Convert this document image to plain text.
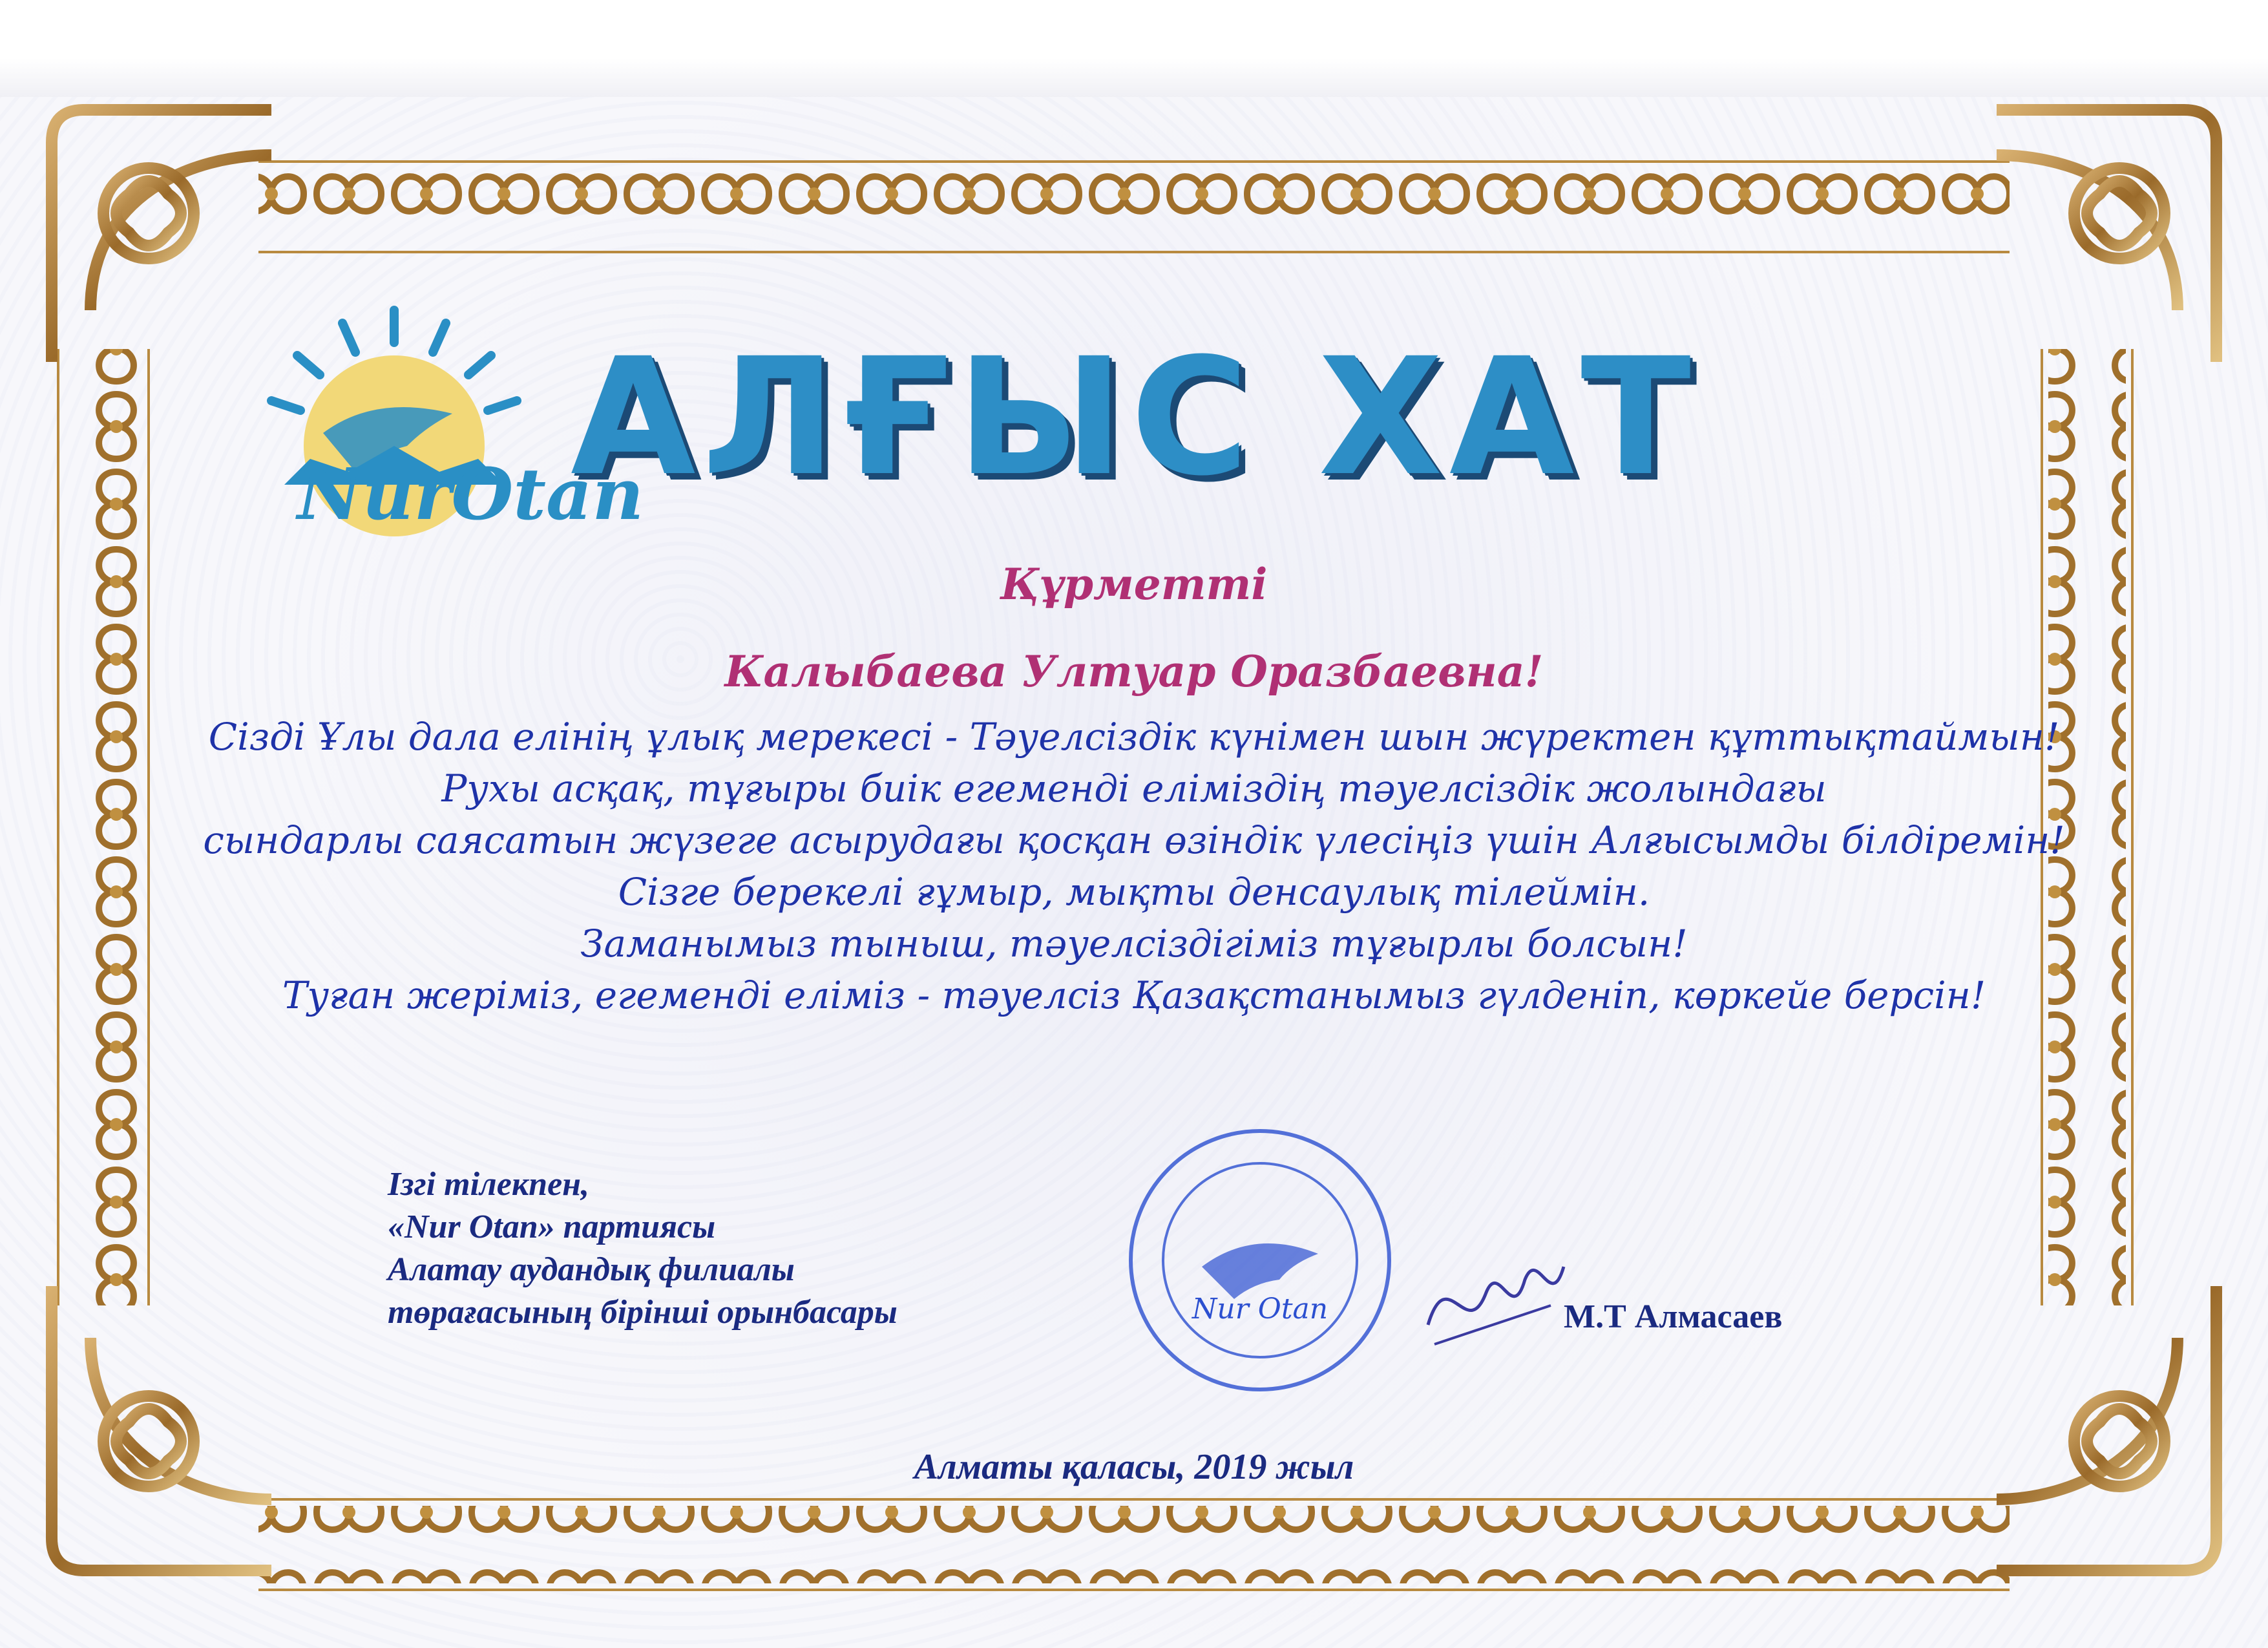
NurOtan
АЛҒЫС ХАТ
Құрметті
Калыбаева Ултуар Оразбаевна!
Сізді Ұлы дала елінің ұлық мерекесі - Тәуелсіздік күнімен шын жүректен құттықтаймын!
Рухы асқақ, тұғыры биік егеменді еліміздің тәуелсіздік жолындағы
сындарлы саясатын жүзеге асырудағы қосқан өзіндік үлесіңіз үшін Алғысымды білдіремін!
Сізге берекелі ғұмыр, мықты денсаулық тілеймін.
Заманымыз тыныш, тәуелсіздігіміз тұғырлы болсын!
Туған жеріміз, егеменді еліміз - тәуелсіз Қазақстанымыз гүлденіп, көркейе берсін!
Ізгі тілекпен,
«Nur Otan» партиясы
Алатау аудандық филиалы
төрағасының бірінші орынбасары	Nur Otan	М.Т Алмасаев
Алматы қаласы, 2019 жыл
